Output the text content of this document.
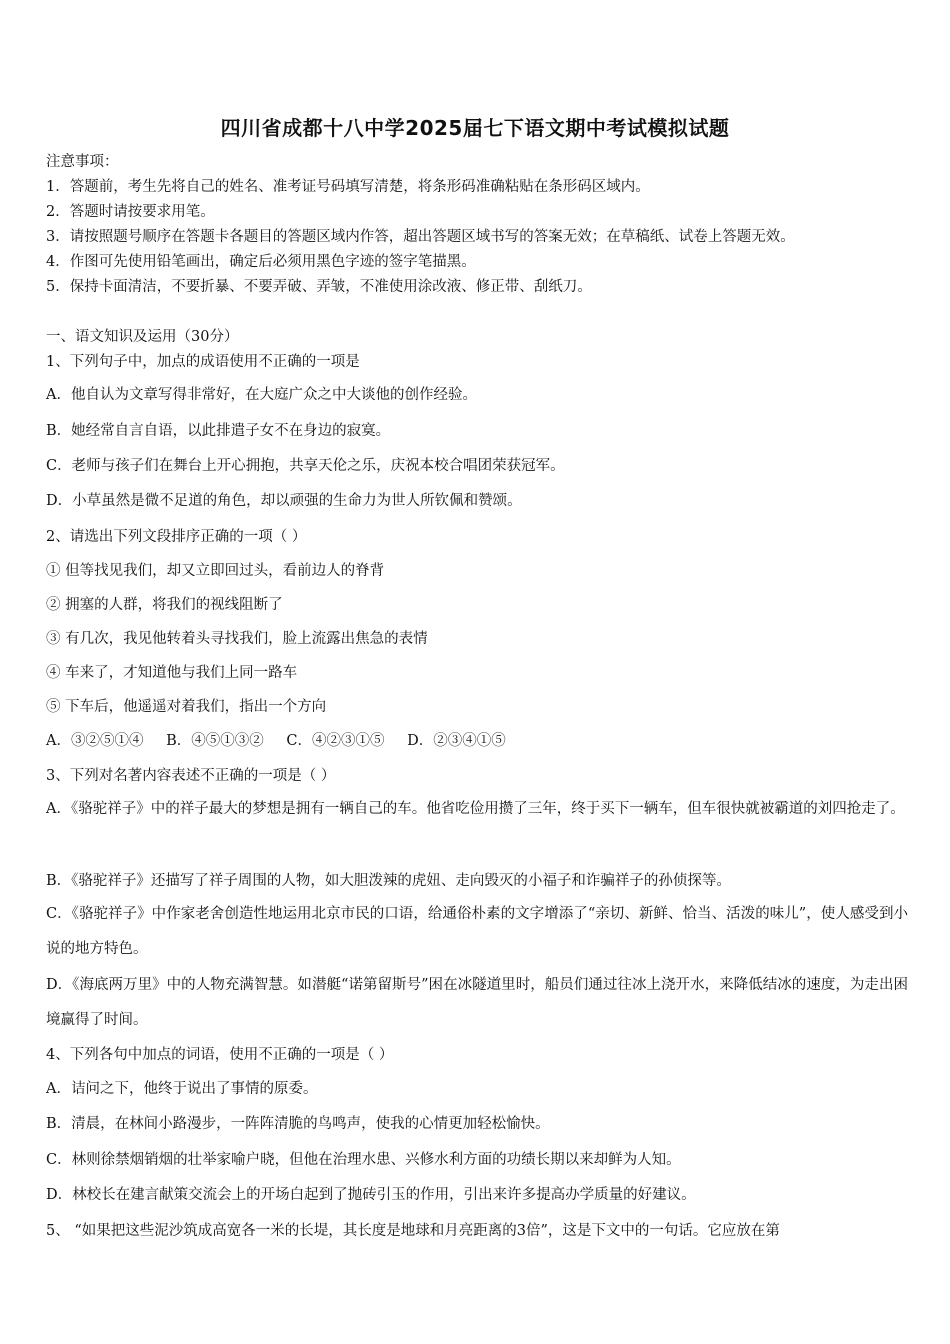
四川省成都十八中学2025届七下语文期中考试模拟试题
注意事项：
1．答题前，考生先将自己的姓名、准考证号码填写清楚，将条形码准确粘贴在条形码区域内。
2．答题时请按要求用笔。
3．请按照题号顺序在答题卡各题目的答题区域内作答，超出答题区域书写的答案无效；在草稿纸、试卷上答题无效。
4．作图可先使用铅笔画出，确定后必须用黑色字迹的签字笔描黑。
5．保持卡面清洁，不要折暴、不要弄破、弄皱，不准使用涂改液、修正带、刮纸刀。
一、语文知识及运用（30分）
1、下列句子中，加点的成语使用不正确的一项是
A．他自认为文章写得非常好，在大庭广众之中大谈他的创作经验。
B．她经常自言自语，以此排遣子女不在身边的寂寞。
C．老师与孩子们在舞台上开心拥抱，共享天伦之乐，庆祝本校合唱团荣获冠军。
D．小草虽然是微不足道的角色，却以顽强的生命力为世人所钦佩和赞颂。
2、请选出下列文段排序正确的一项（ ）
① 但等找见我们，却又立即回过头，看前边人的脊背
② 拥塞的人群，将我们的视线阻断了
③ 有几次，我见他转着头寻找我们，脸上流露出焦急的表情
④ 车来了，才知道他与我们上同一路车
⑤ 下车后，他遥遥对着我们，指出一个方向
A．③②⑤①④ B．④⑤①③② C．④②③①⑤ D．②③④①⑤
3、下列对名著内容表述不正确的一项是（ ）
A．《骆驼祥子》中的祥子最大的梦想是拥有一辆自己的车。他省吃俭用攒了三年，终于买下一辆车，但车很快就被霸道的刘四抢走了。
B．《骆驼祥子》还描写了祥子周围的人物，如大胆泼辣的虎妞、走向毁灭的小福子和诈骗祥子的孙侦探等。
C．《骆驼祥子》中作家老舍创造性地运用北京市民的口语，给通俗朴素的文字增添了“亲切、新鲜、恰当、活泼的味儿”，使人感受到小说的地方特色。
D．《海底两万里》中的人物充满智慧。如潜艇“诺第留斯号”困在冰隧道里时，船员们通过往冰上浇开水，来降低结冰的速度，为走出困境赢得了时间。
4、下列各句中加点的词语，使用不正确的一项是（ ）
A．诘问之下，他终于说出了事情的原委。
B．清晨，在林间小路漫步，一阵阵清脆的鸟鸣声，使我的心情更加轻松愉快。
C．林则徐禁烟销烟的壮举家喻户晓，但他在治理水患、兴修水利方面的功绩长期以来却鲜为人知。
D．林校长在建言献策交流会上的开场白起到了抛砖引玉的作用，引出来许多提高办学质量的好建议。
5、 “如果把这些泥沙筑成高宽各一米的长堤，其长度是地球和月亮距离的3倍”，这是下文中的一句话。它应放在第
